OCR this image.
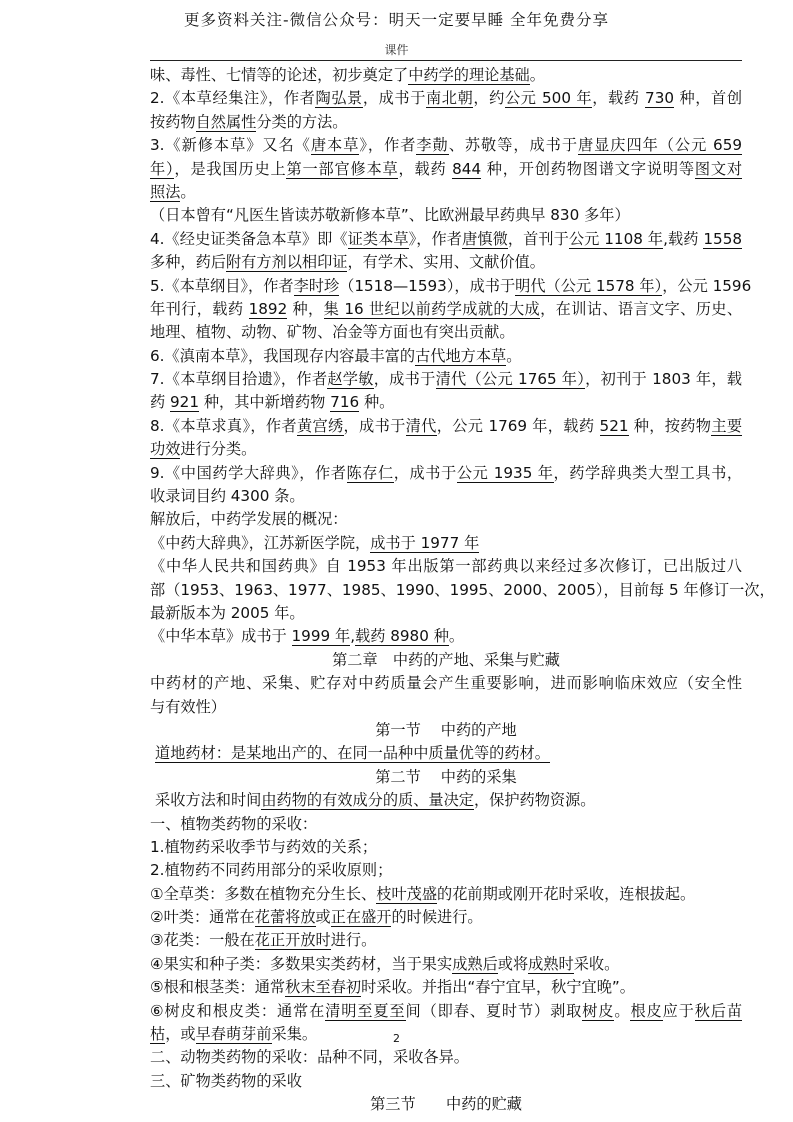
更多资料关注-微信公众号：明天一定要早睡 全年免费分享
课件
味、毒性、七情等的论述，初步奠定了中药学的理论基础。
2.《本草经集注》，作者陶弘景，成书于南北朝，约公元 500 年，载药 730 种，首创
按药物自然属性分类的方法。
3.《新修本草》又名《唐本草》，作者李勣、苏敬等，成书于唐显庆四年（公元 659
年），是我国历史上第一部官修本草，载药 844 种，开创药物图谱文字说明等图文对
照法。
（日本曾有“凡医生皆读苏敬新修本草”、比欧洲最早药典早 830 多年）
4.《经史证类备急本草》即《证类本草》，作者唐慎微，首刊于公元 1108 年,载药 1558
多种，药后附有方剂以相印证，有学术、实用、文献价值。
5.《本草纲目》，作者李时珍（1518—1593），成书于明代（公元 1578 年），公元 1596
年刊行，载药 1892 种，集 16 世纪以前药学成就的大成，在训诂、语言文字、历史、
地理、植物、动物、矿物、冶金等方面也有突出贡献。
6.《滇南本草》，我国现存内容最丰富的古代地方本草。
7.《本草纲目拾遗》，作者赵学敏，成书于清代（公元 1765 年），初刊于 1803 年，载
药 921 种，其中新增药物 716 种。
8.《本草求真》，作者黄宫绣，成书于清代，公元 1769 年，载药 521 种，按药物主要
功效进行分类。
9.《中国药学大辞典》，作者陈存仁，成书于公元 1935 年，药学辞典类大型工具书，
收录词目约 4300 条。
解放后，中药学发展的概况：
《中药大辞典》，江苏新医学院，成书于 1977 年
《中华人民共和国药典》自 1953 年出版第一部药典以来经过多次修订，已出版过八
部（1953、1963、1977、1985、1990、1995、2000、2005），目前每 5 年修订一次，
最新版本为 2005 年。
《中华本草》成书于 1999 年,载药 8980 种。
第二章　中药的产地、采集与贮藏
中药材的产地、采集、贮存对中药质量会产生重要影响，进而影响临床效应（安全性
与有效性）
第一节　 中药的产地
道地药材：是某地出产的、在同一品种中质量优等的药材。
第二节　 中药的采集
采收方法和时间由药物的有效成分的质、量决定，保护药物资源。
一、植物类药物的采收：
1.植物药采收季节与药效的关系；
2.植物药不同药用部分的采收原则；
①全草类：多数在植物充分生长、枝叶茂盛的花前期或刚开花时采收，连根拔起。
②叶类：通常在花蕾将放或正在盛开的时候进行。
③花类：一般在花正开放时进行。
④果实和种子类：多数果实类药材，当于果实成熟后或将成熟时采收。
⑤根和根茎类：通常秋末至春初时采收。并指出“春宁宜早，秋宁宜晚”。
⑥树皮和根皮类：通常在清明至夏至间（即春、夏时节）剥取树皮。根皮应于秋后苗
枯，或早春萌芽前采集。
二、动物类药物的采收：品种不同，采收各异。
三、矿物类药物的采收
第三节　　中药的贮藏
2
